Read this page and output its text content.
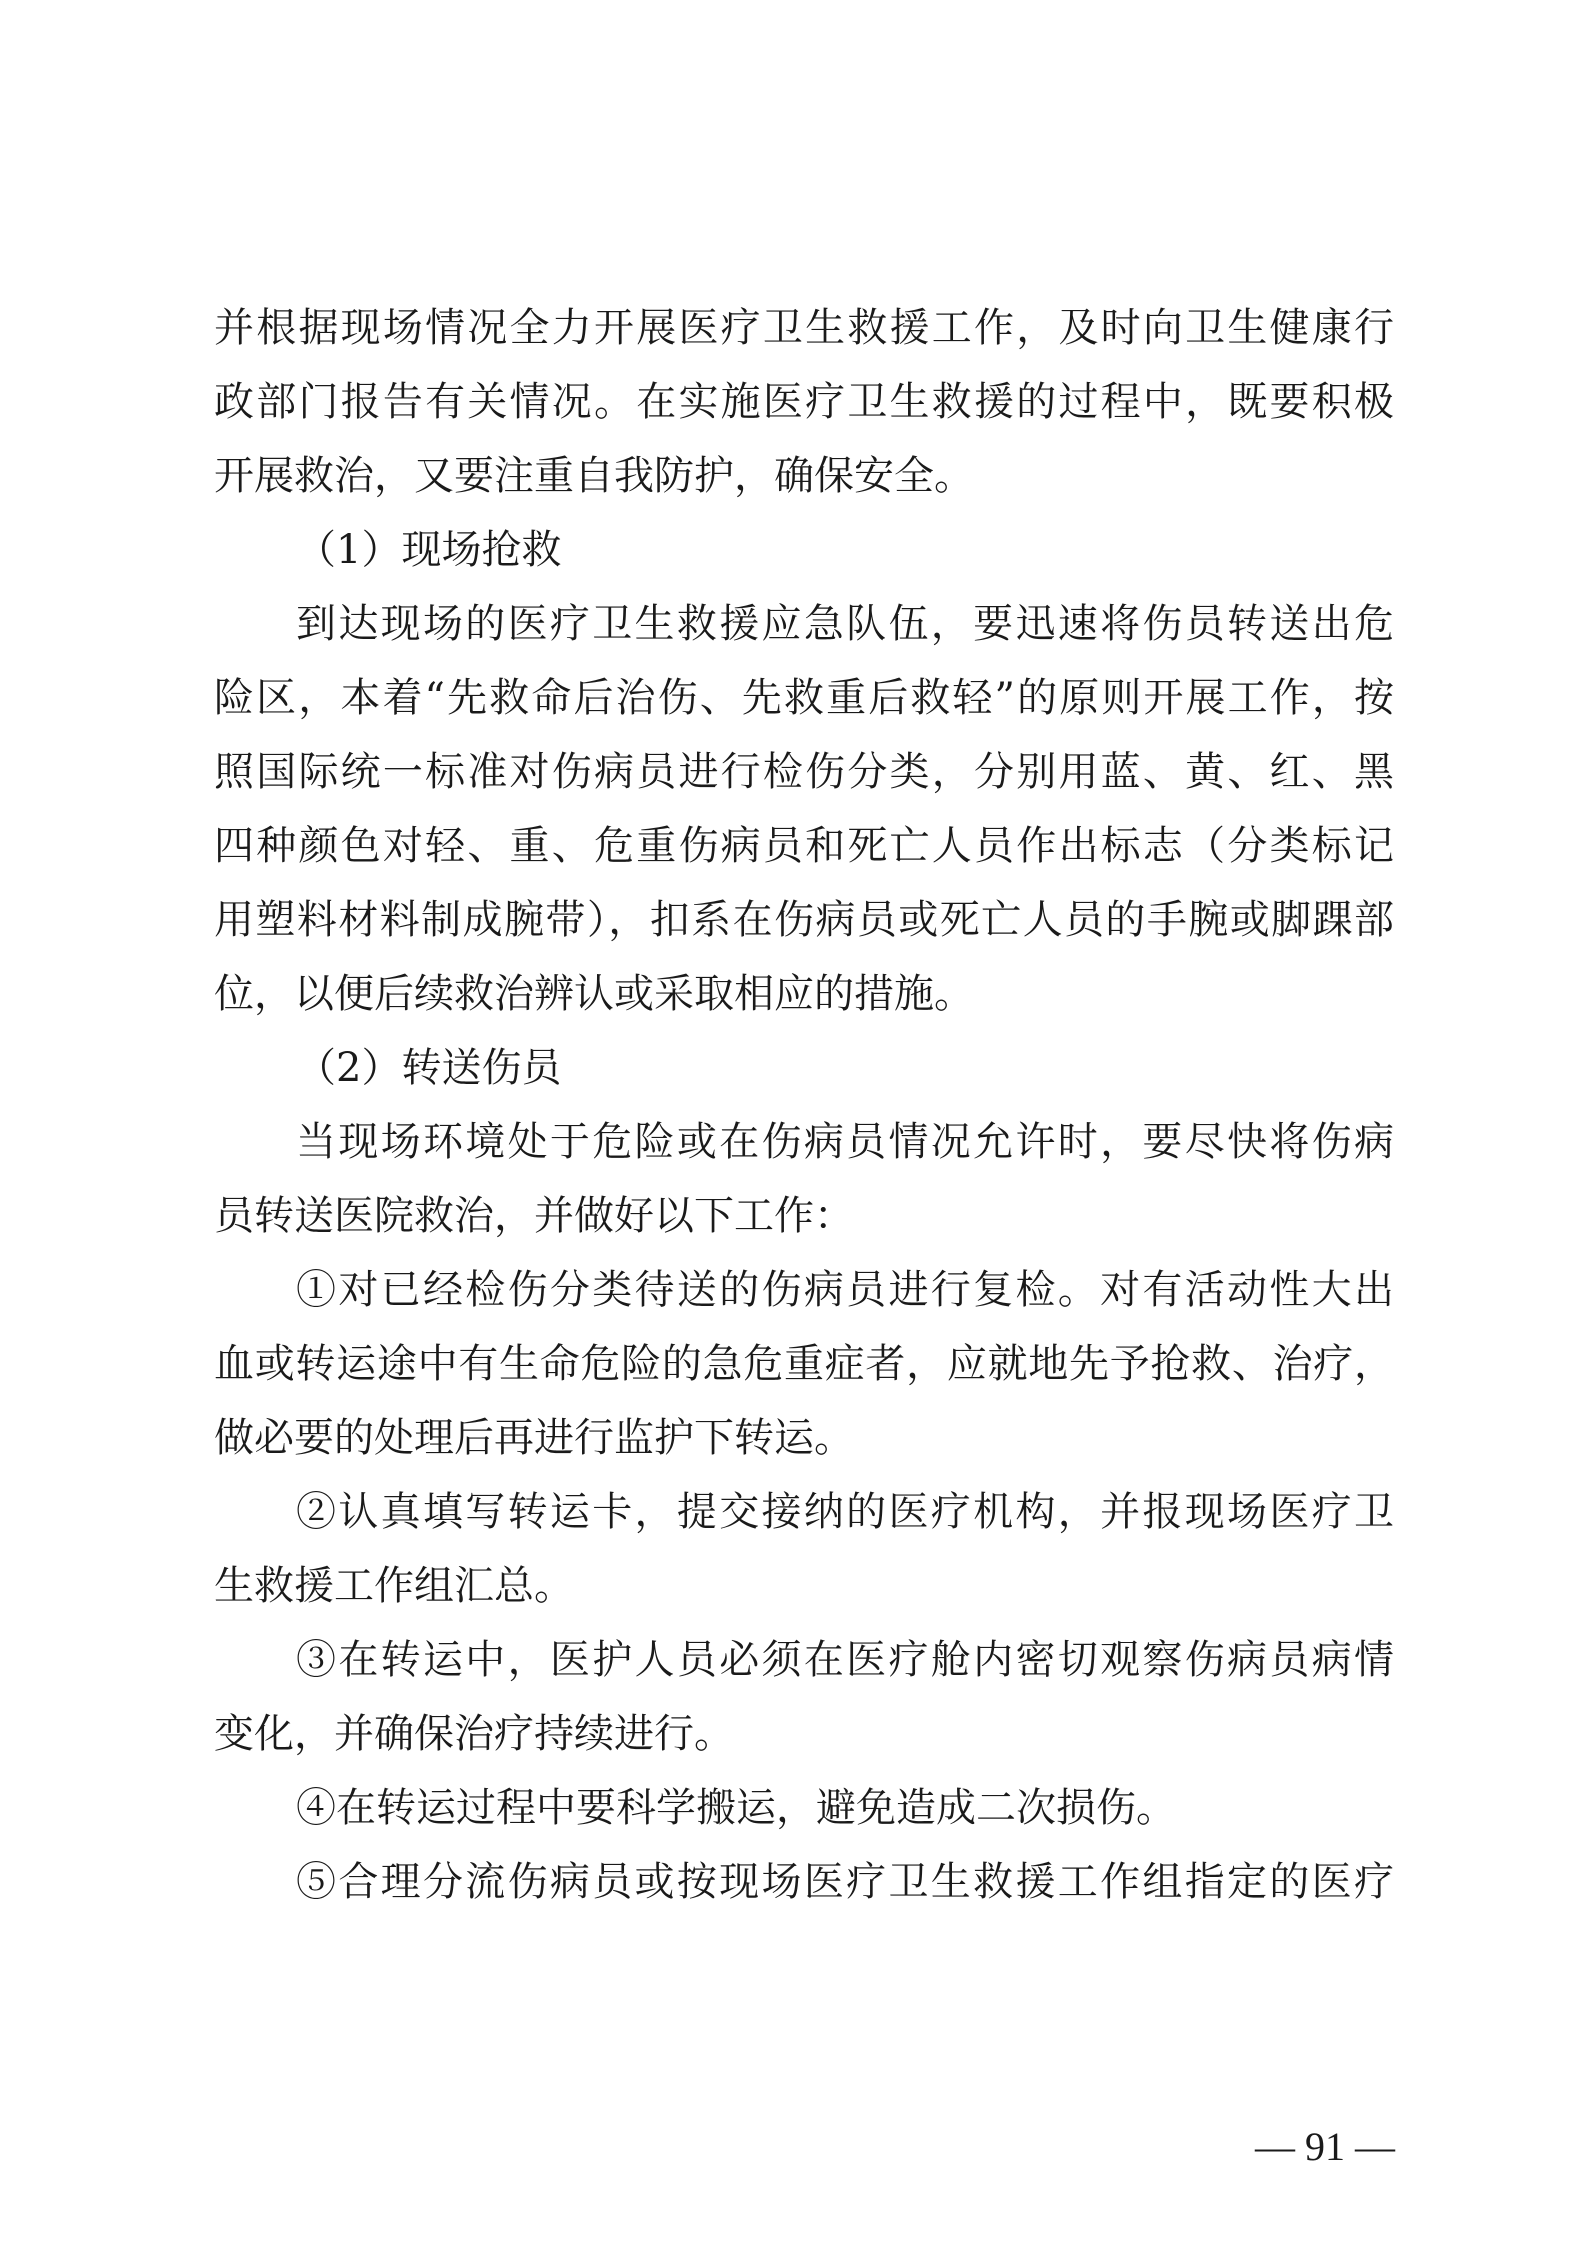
并根据现场情况全力开展医疗卫生救援工作，及时向卫生健康行
政部门报告有关情况。在实施医疗卫生救援的过程中，既要积极
开展救治，又要注重自我防护，确保安全。
（1）现场抢救
到达现场的医疗卫生救援应急队伍，要迅速将伤员转送出危
险区，本着“先救命后治伤、先救重后救轻”的原则开展工作，按
照国际统一标准对伤病员进行检伤分类，分别用蓝、黄、红、黑
四种颜色对轻、重、危重伤病员和死亡人员作出标志（分类标记
用塑料材料制成腕带），扣系在伤病员或死亡人员的手腕或脚踝部
位，以便后续救治辨认或采取相应的措施。
（2）转送伤员
当现场环境处于危险或在伤病员情况允许时，要尽快将伤病
员转送医院救治，并做好以下工作：
①对已经检伤分类待送的伤病员进行复检。对有活动性大出
血或转运途中有生命危险的急危重症者，应就地先予抢救、治疗，
做必要的处理后再进行监护下转运。
②认真填写转运卡，提交接纳的医疗机构，并报现场医疗卫
生救援工作组汇总。
③在转运中，医护人员必须在医疗舱内密切观察伤病员病情
变化，并确保治疗持续进行。
④在转运过程中要科学搬运，避免造成二次损伤。
⑤合理分流伤病员或按现场医疗卫生救援工作组指定的医疗
— 91 —
